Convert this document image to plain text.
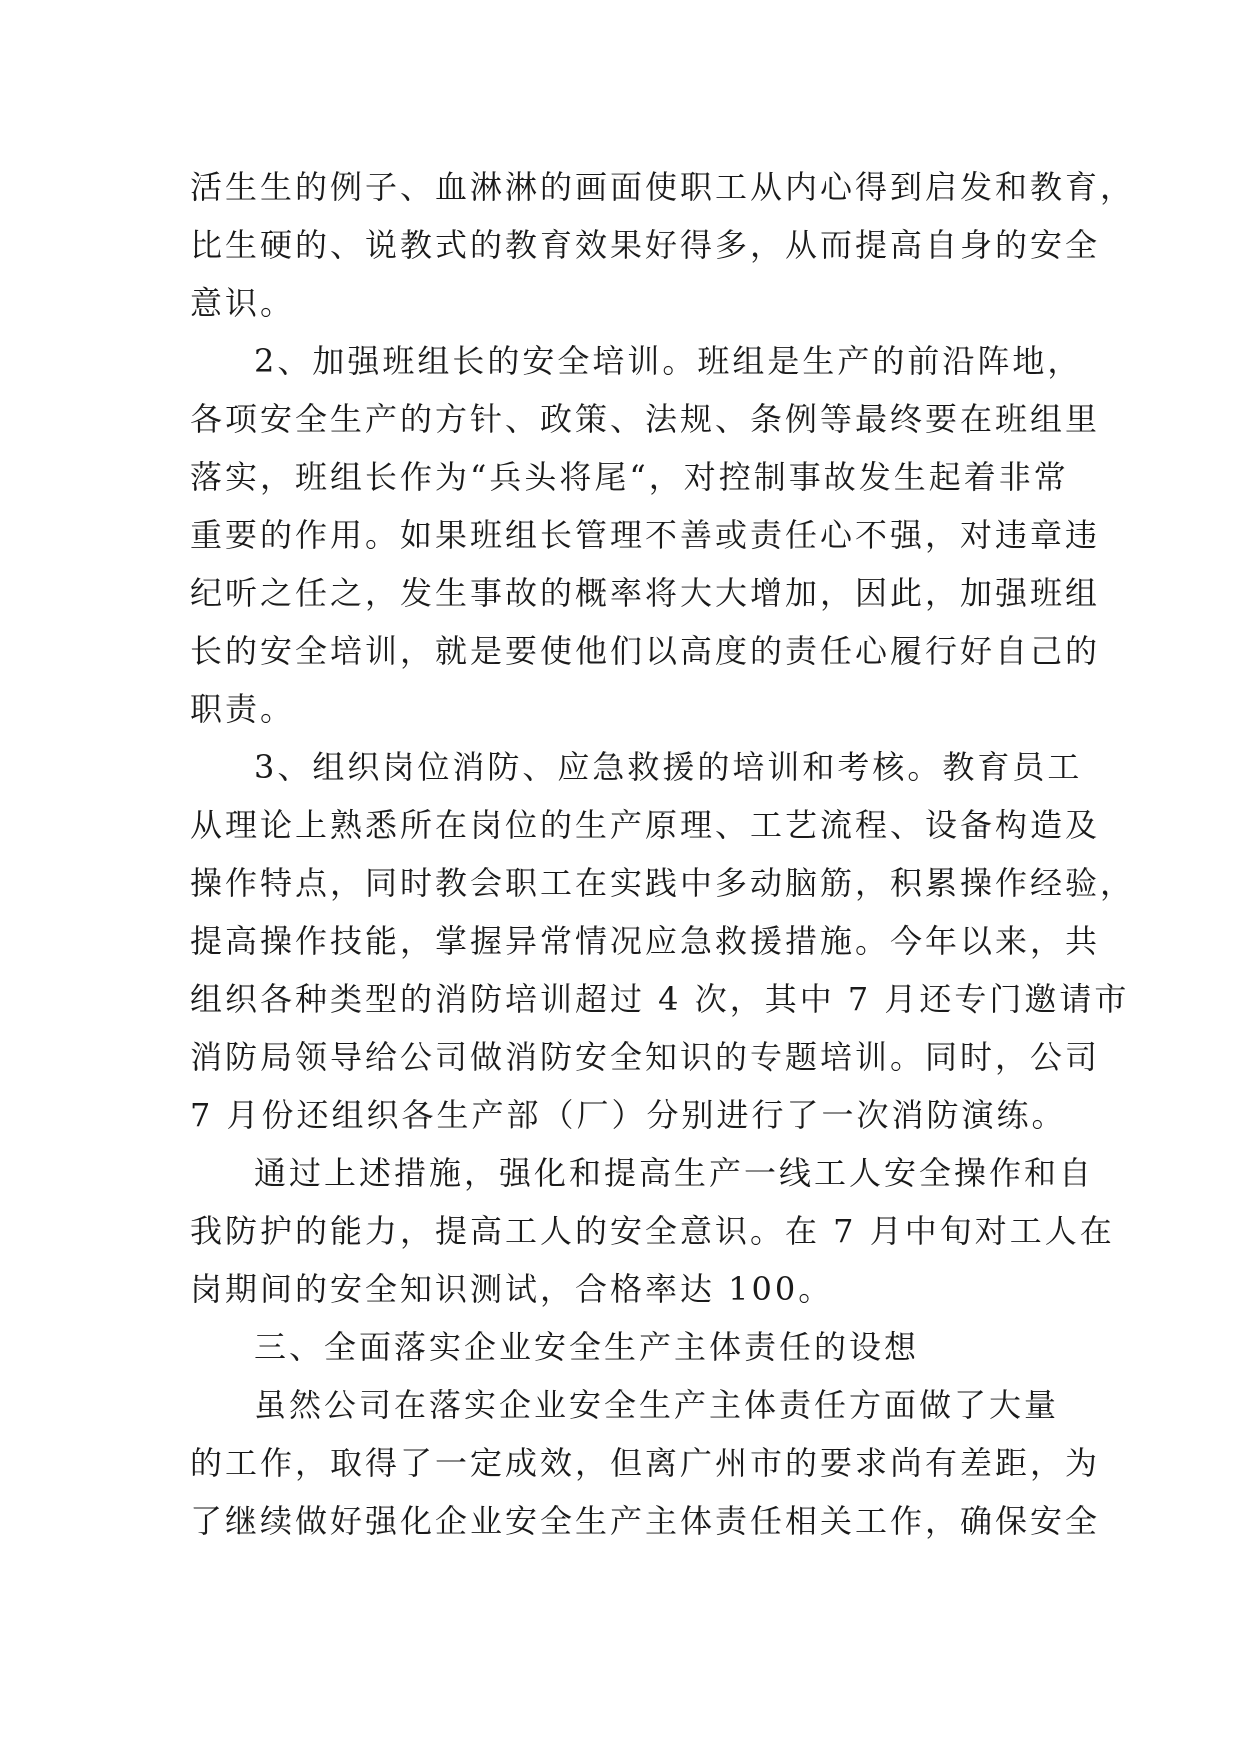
活生生的例子、血淋淋的画面使职工从内心得到启发和教育，
比生硬的、说教式的教育效果好得多，从而提高自身的安全
意识。
2、加强班组长的安全培训。班组是生产的前沿阵地，
各项安全生产的方针、政策、法规、条例等最终要在班组里
落实，班组长作为“兵头将尾“，对控制事故发生起着非常
重要的作用。如果班组长管理不善或责任心不强，对违章违
纪听之任之，发生事故的概率将大大增加，因此，加强班组
长的安全培训，就是要使他们以高度的责任心履行好自己的
职责。
3、组织岗位消防、应急救援的培训和考核。教育员工
从理论上熟悉所在岗位的生产原理、工艺流程、设备构造及
操作特点，同时教会职工在实践中多动脑筋，积累操作经验，
提高操作技能，掌握异常情况应急救援措施。今年以来，共
组织各种类型的消防培训超过 4 次，其中 7 月还专门邀请市
消防局领导给公司做消防安全知识的专题培训。同时，公司
7 月份还组织各生产部（厂）分别进行了一次消防演练。
通过上述措施，强化和提高生产一线工人安全操作和自
我防护的能力，提高工人的安全意识。在 7 月中旬对工人在
岗期间的安全知识测试，合格率达 100。
三、全面落实企业安全生产主体责任的设想
虽然公司在落实企业安全生产主体责任方面做了大量
的工作，取得了一定成效，但离广州市的要求尚有差距，为
了继续做好强化企业安全生产主体责任相关工作，确保安全
